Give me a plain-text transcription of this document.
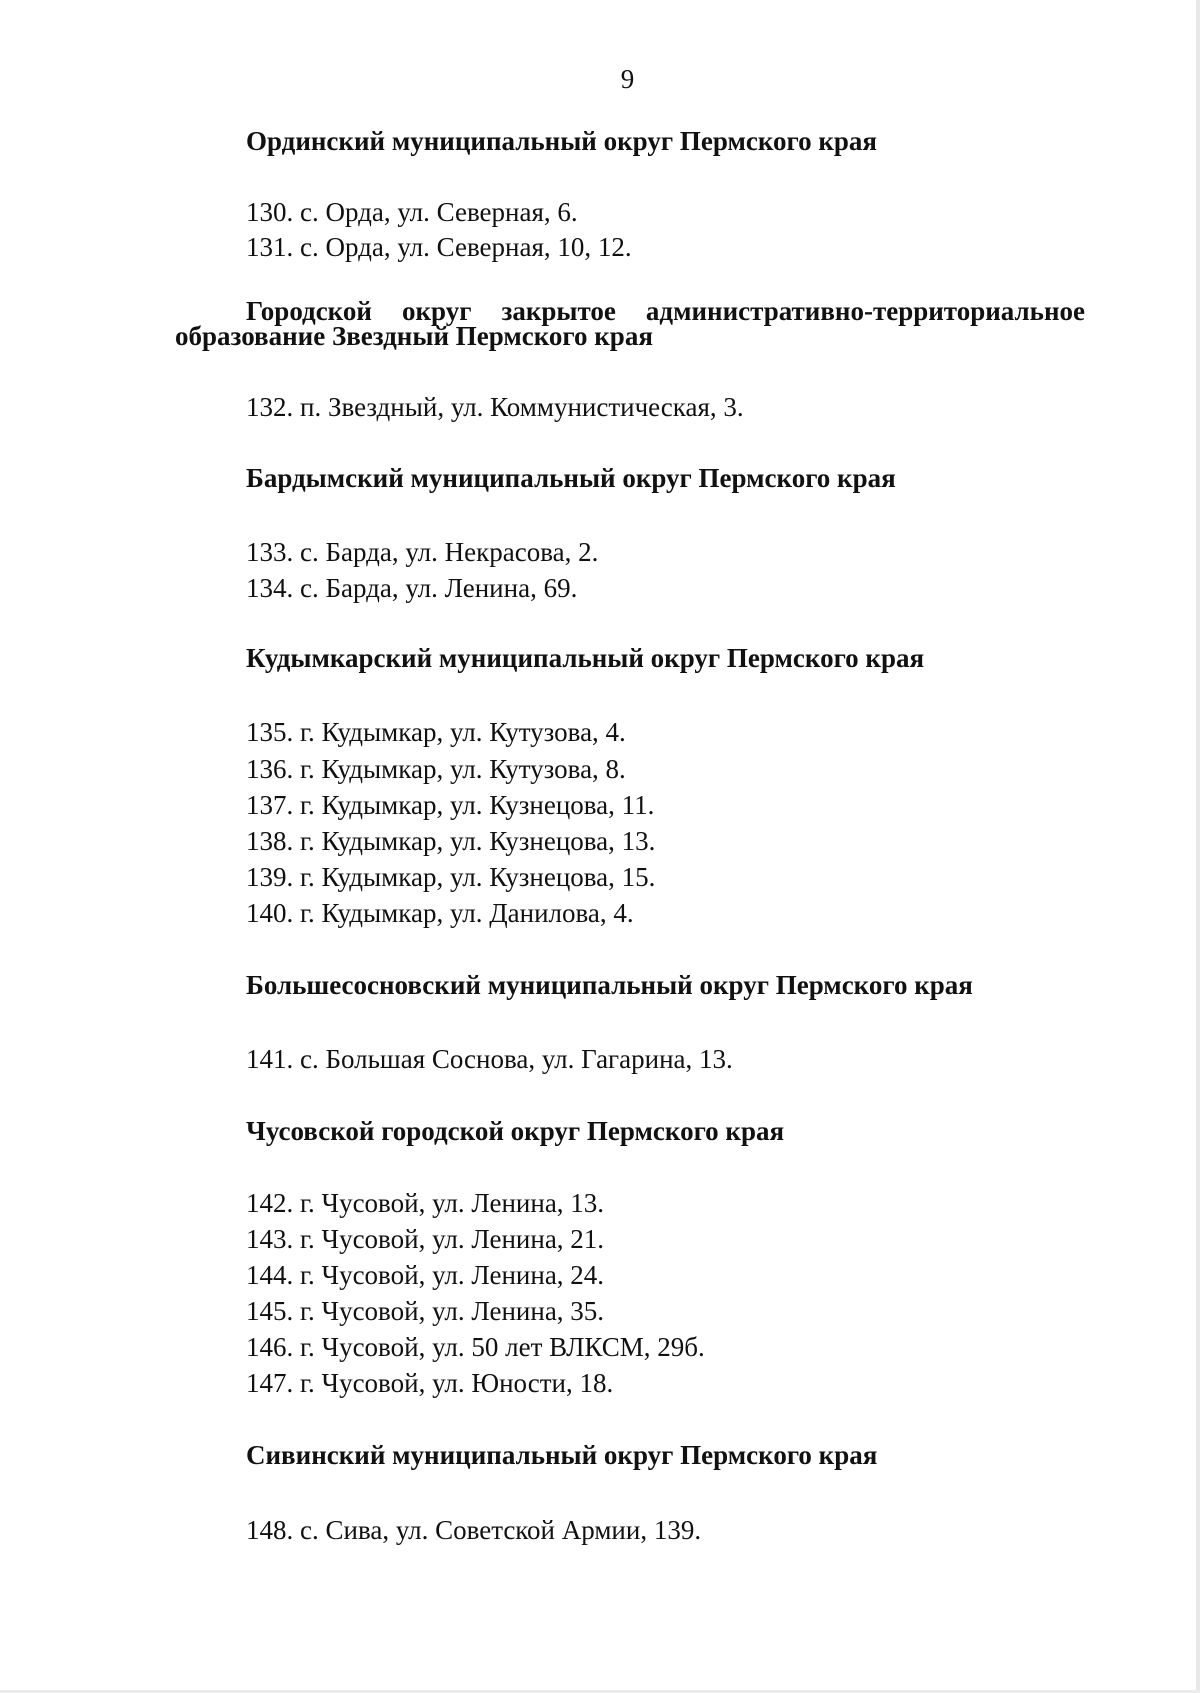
9
Ординский муниципальный округ Пермского края
130. с. Орда, ул. Северная, 6.
131. с. Орда, ул. Северная, 10, 12.
Городской округ закрытое административно-территориальное
образование Звездный Пермского края
132. п. Звездный, ул. Коммунистическая, 3.
Бардымский муниципальный округ Пермского края
133. с. Барда, ул. Некрасова, 2.
134. с. Барда, ул. Ленина, 69.
Кудымкарский муниципальный округ Пермского края
135. г. Кудымкар, ул. Кутузова, 4.
136. г. Кудымкар, ул. Кутузова, 8.
137. г. Кудымкар, ул. Кузнецова, 11.
138. г. Кудымкар, ул. Кузнецова, 13.
139. г. Кудымкар, ул. Кузнецова, 15.
140. г. Кудымкар, ул. Данилова, 4.
Большесосновский муниципальный округ Пермского края
141. с. Большая Соснова, ул. Гагарина, 13.
Чусовской городской округ Пермского края
142. г. Чусовой, ул. Ленина, 13.
143. г. Чусовой, ул. Ленина, 21.
144. г. Чусовой, ул. Ленина, 24.
145. г. Чусовой, ул. Ленина, 35.
146. г. Чусовой, ул. 50 лет ВЛКСМ, 29б.
147. г. Чусовой, ул. Юности, 18.
Сивинский муниципальный округ Пермского края
148. с. Сива, ул. Советской Армии, 139.
